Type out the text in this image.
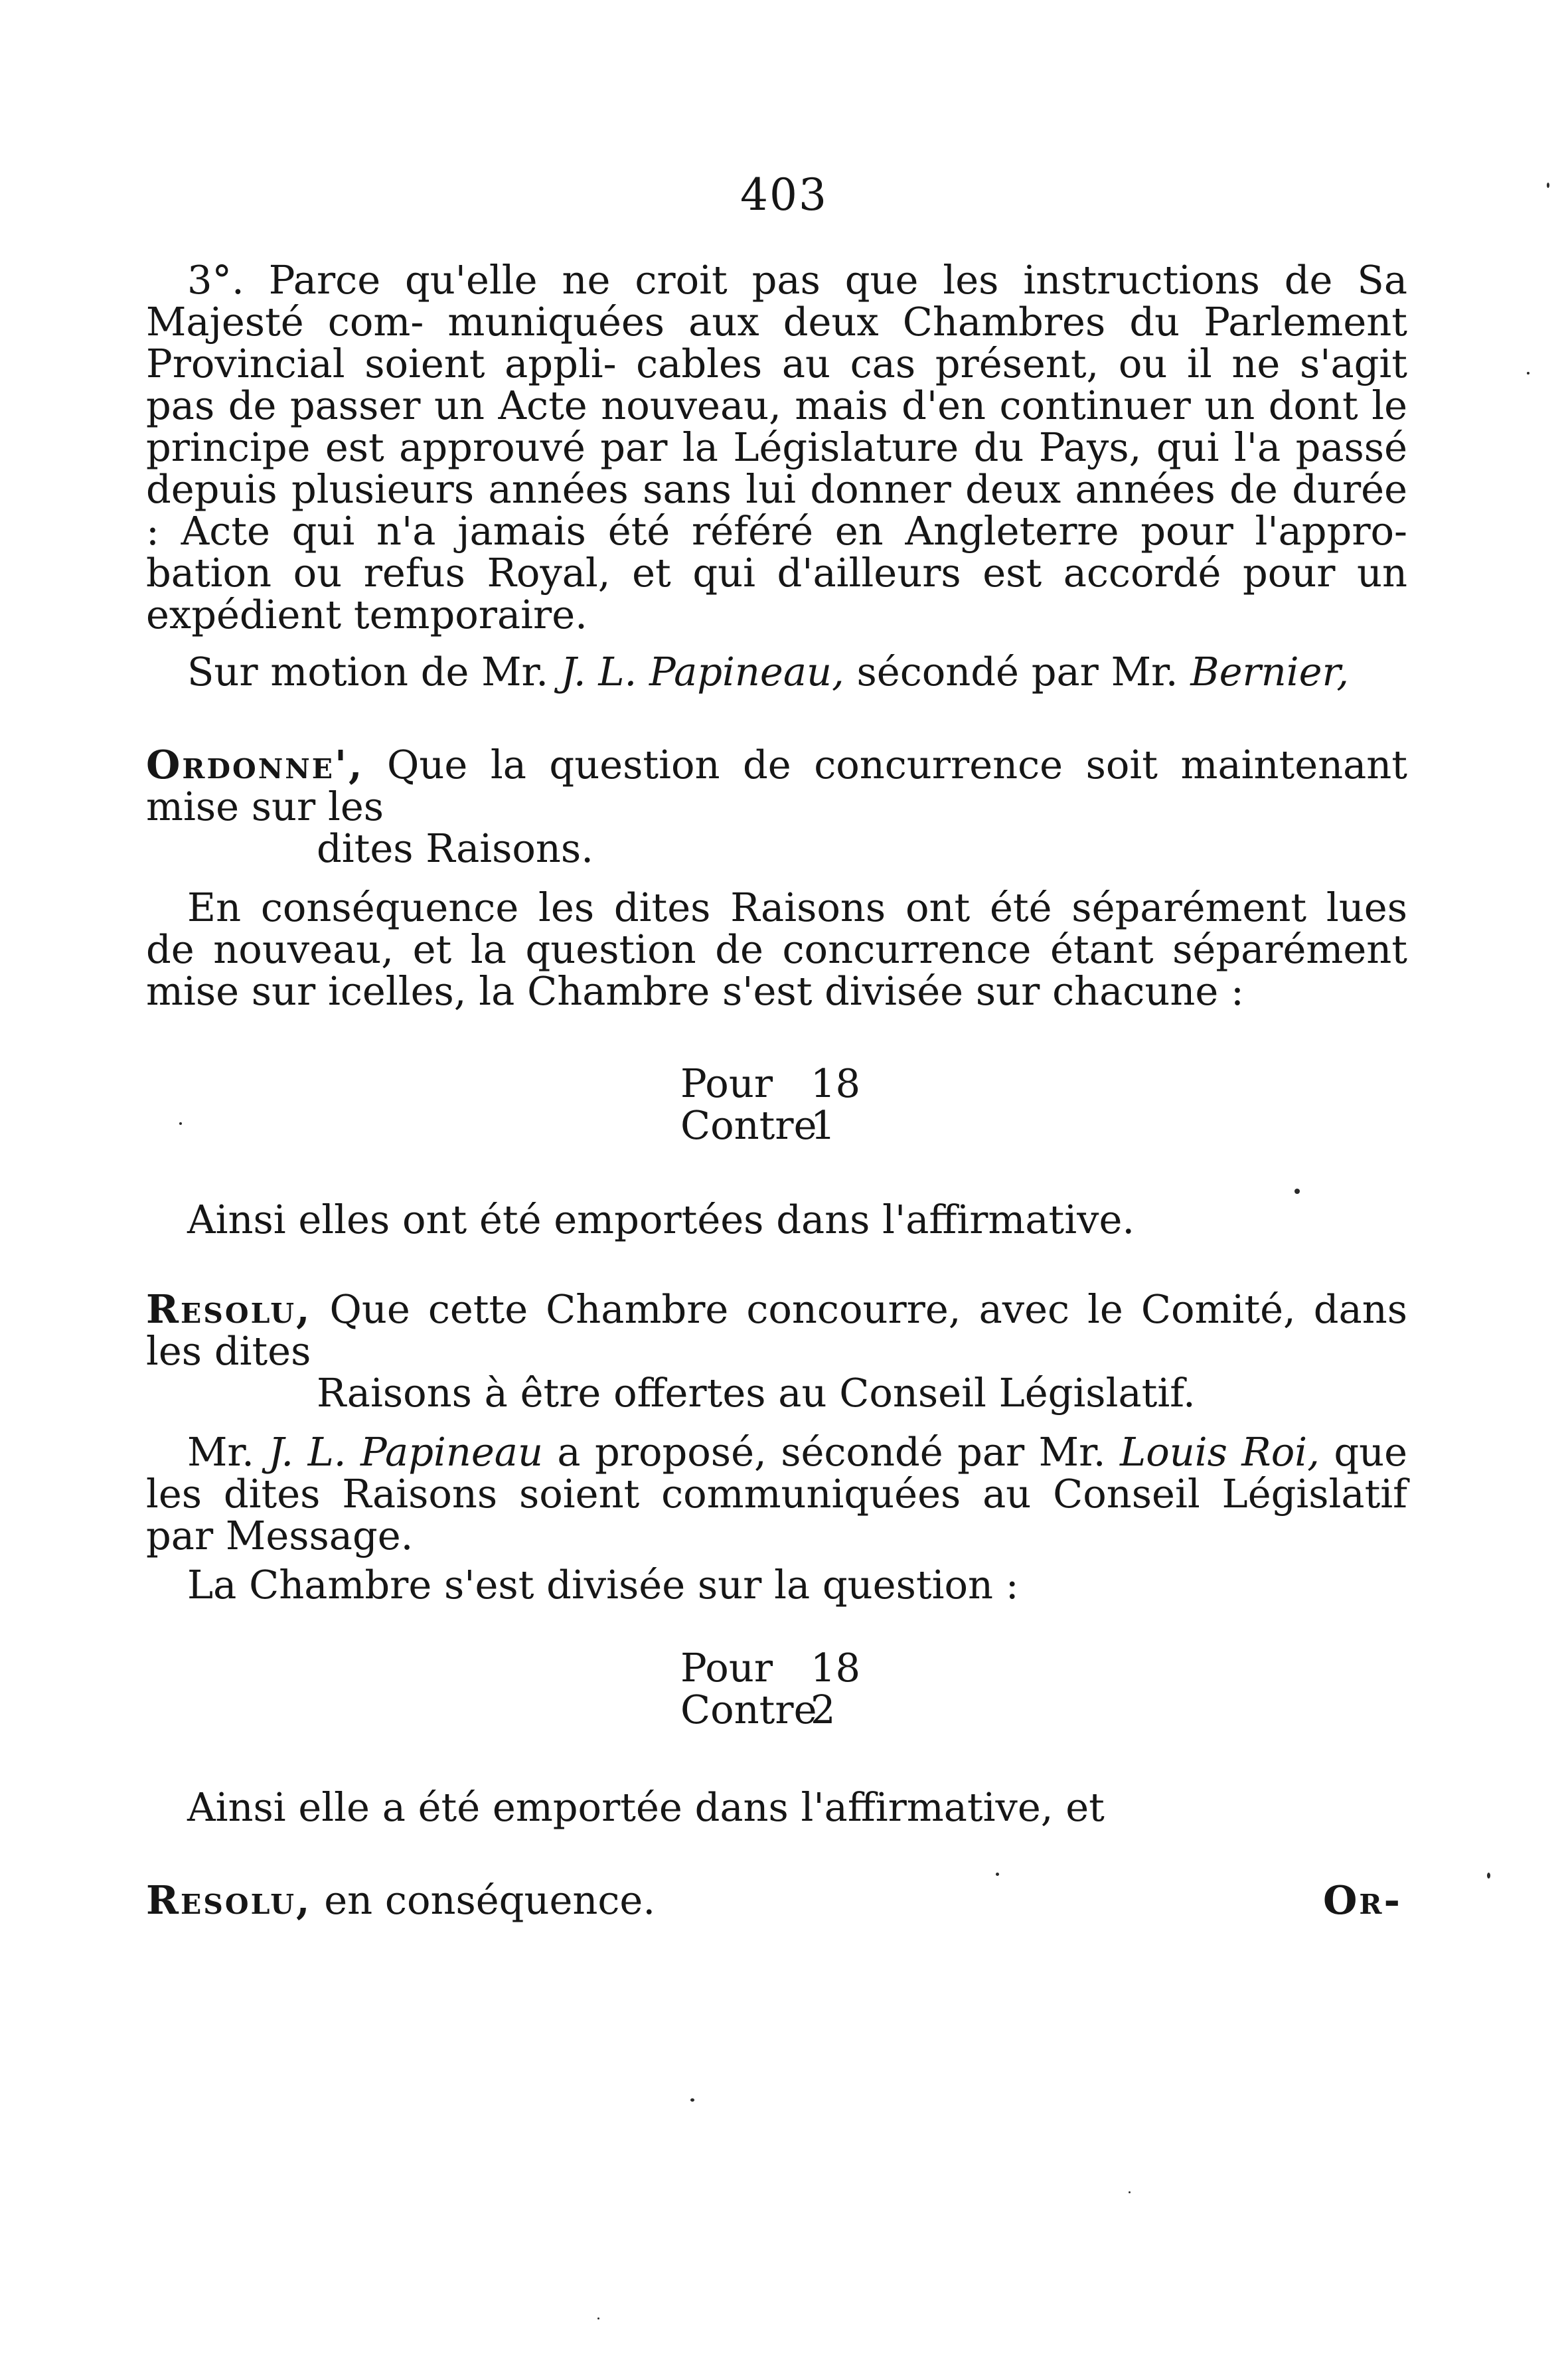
403
3°. Parce qu'elle ne croit pas que les instructions de Sa Majesté com- muniquées aux deux Chambres du Parlement Provincial soient appli- cables au cas présent, ou il ne s'agit pas de passer un Acte nouveau, mais d'en continuer un dont le principe est approuvé par la Législature du Pays, qui l'a passé depuis plusieurs années sans lui donner deux années de durée : Acte qui n'a jamais été référé en Angleterre pour l'appro- bation ou refus Royal, et qui d'ailleurs est accordé pour un expédient temporaire.
Sur motion de Mr. J. L. Papineau, sécondé par Mr. Bernier,
Ordonne', Que la question de concurrence soit maintenant mise sur les
dites Raisons.
En conséquence les dites Raisons ont été séparément lues de nouveau, et la question de concurrence étant séparément mise sur icelles, la Chambre s'est divisée sur chacune :
Pour 18
Contre
1
Ainsi elles ont été emportées dans l'affirmative.
Resolu, Que cette Chambre concourre, avec le Comité, dans les dites
Raisons à être offertes au Conseil Législatif.
Mr. J. L. Papineau a proposé, sécondé par Mr. Louis Roi, que les dites Raisons soient communiquées au Conseil Législatif par Message.
La Chambre s'est divisée sur la question :
Pour 18
Contre
2
Ainsi elle a été emportée dans l'affirmative, et
Resolu, en conséquence.	Or-
